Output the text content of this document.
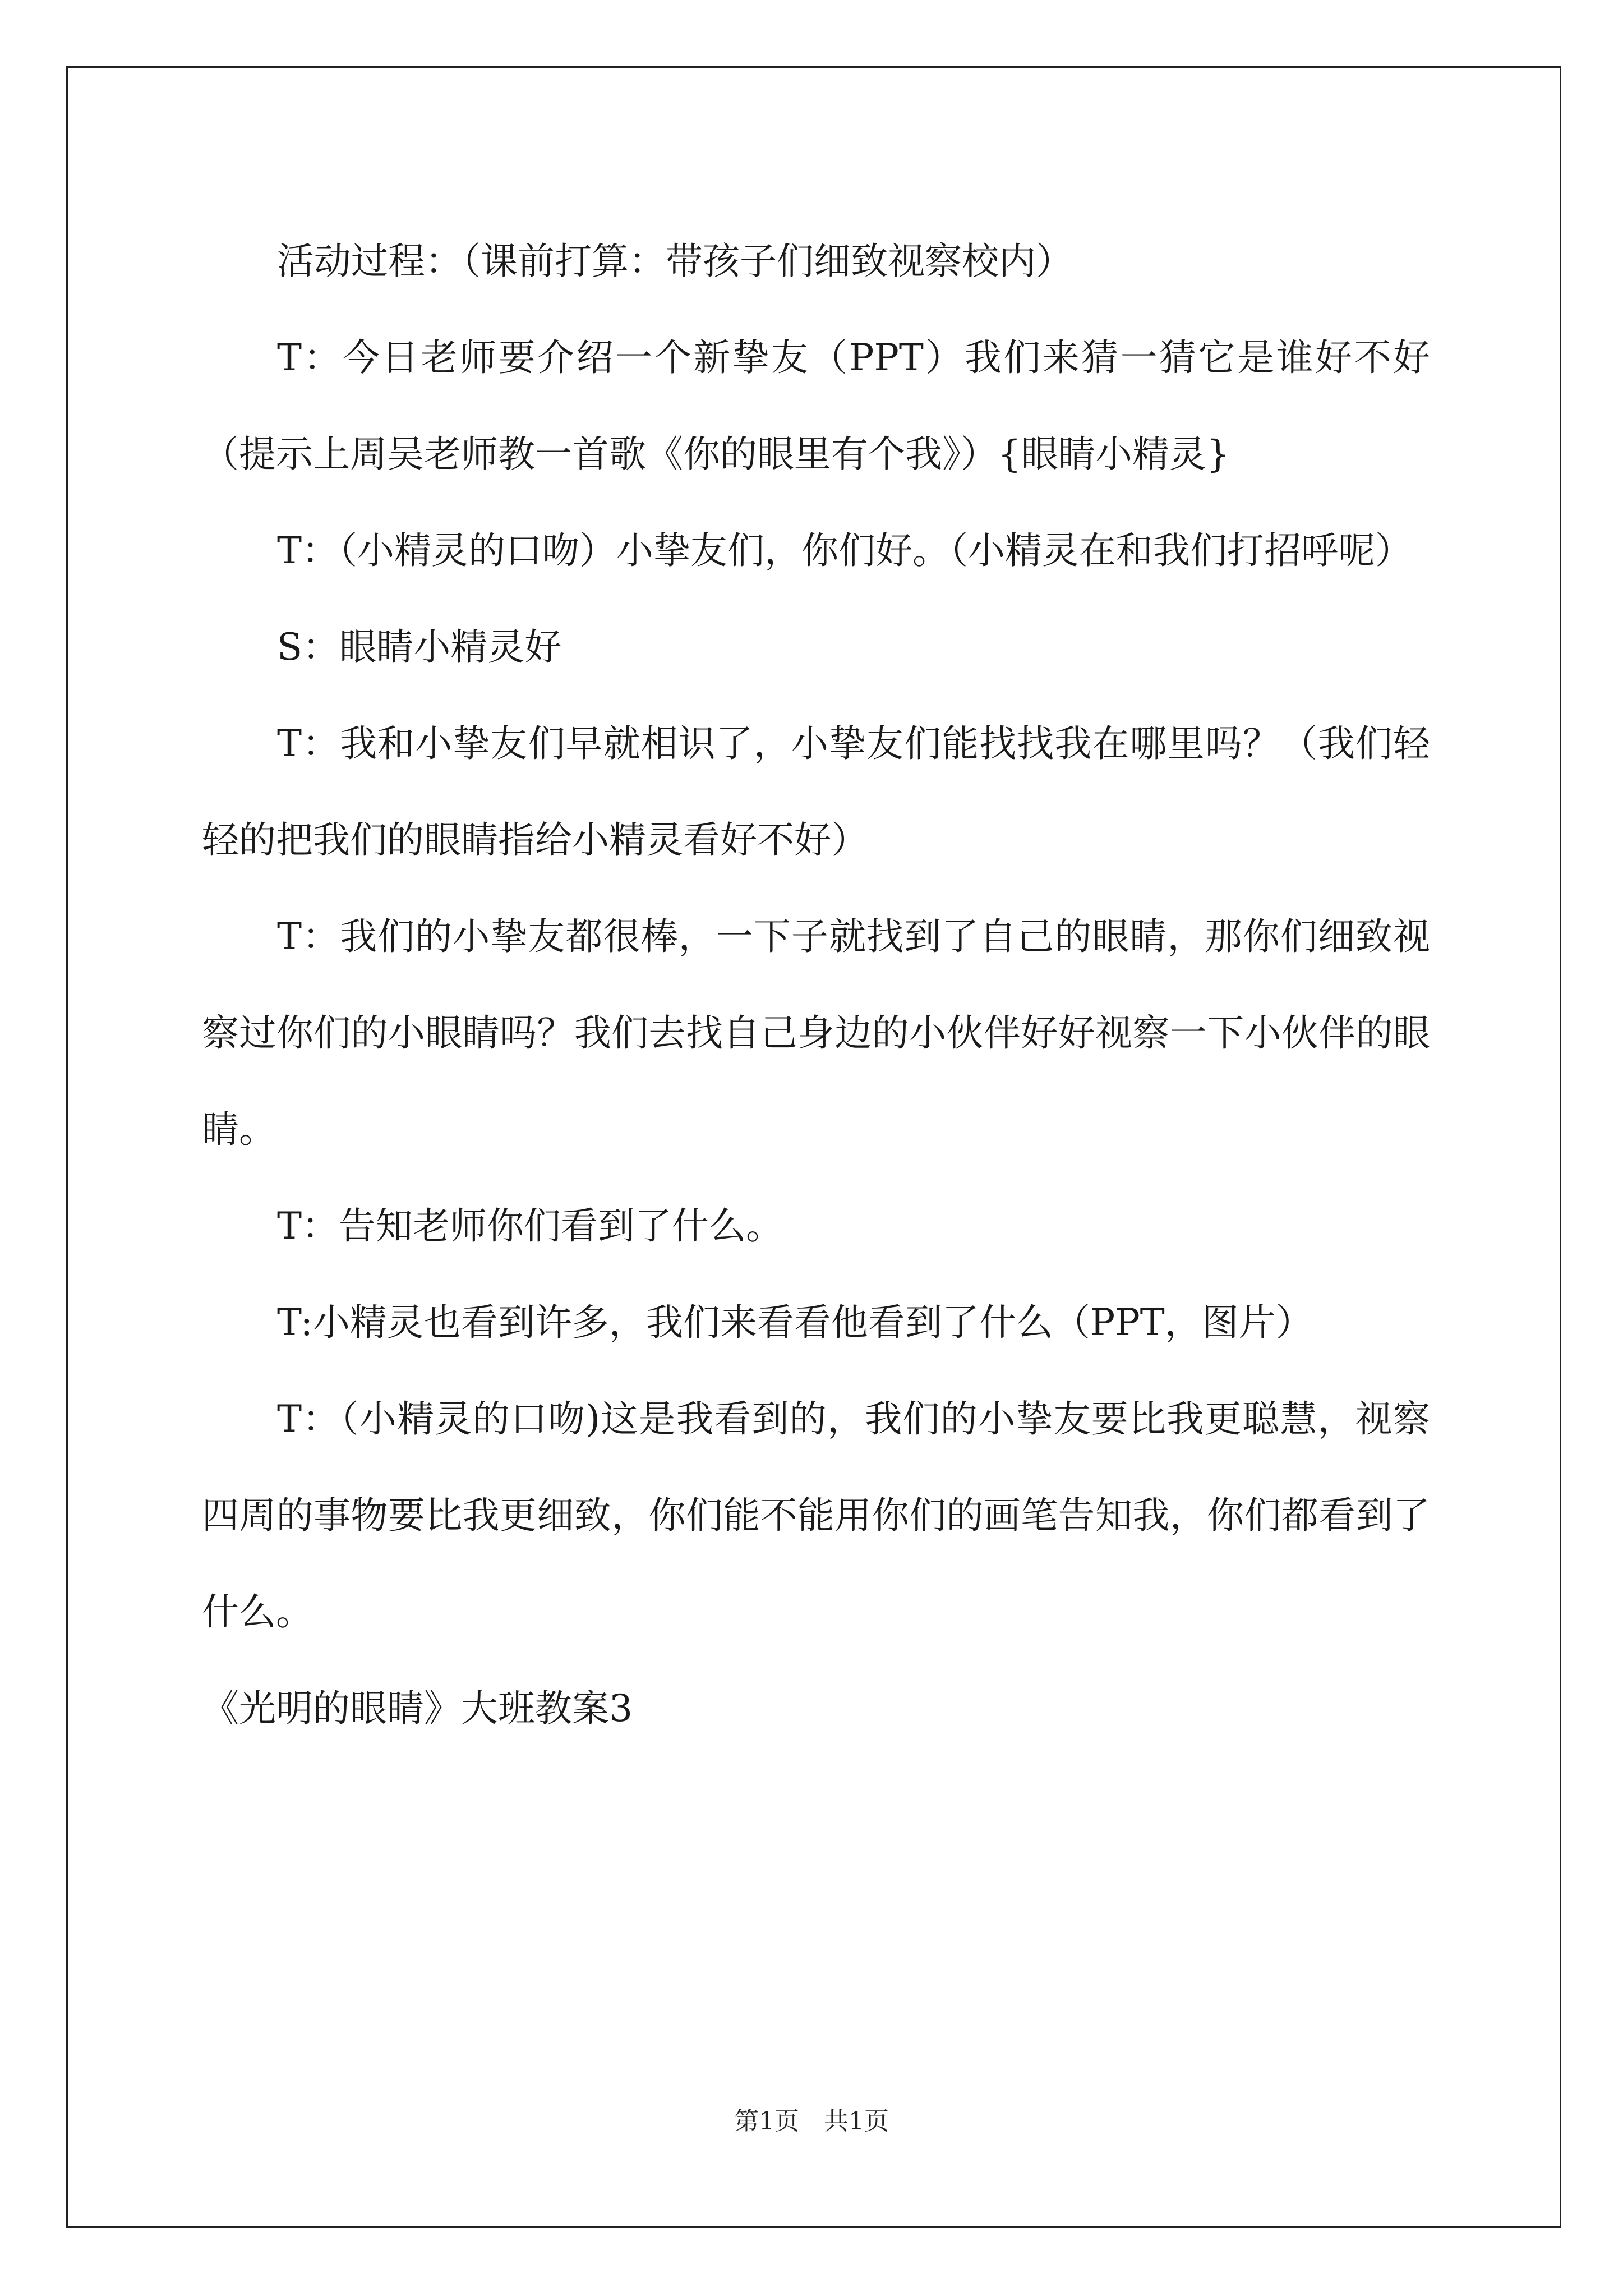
活动过程：（课前打算：带孩子们细致视察校内）

T：今日老师要介绍一个新挚友（PPT）我们来猜一猜它是谁好不好（提示上周吴老师教一首歌《你的眼里有个我》）{眼睛小精灵}

T：（小精灵的口吻）小挚友们，你们好。（小精灵在和我们打招呼呢）

S：眼睛小精灵好

T：我和小挚友们早就相识了，小挚友们能找找我在哪里吗？（我们轻轻的把我们的眼睛指给小精灵看好不好）

T：我们的小挚友都很棒，一下子就找到了自己的眼睛，那你们细致视察过你们的小眼睛吗？我们去找自己身边的小伙伴好好视察一下小伙伴的眼睛。

T：告知老师你们看到了什么。

T:小精灵也看到许多，我们来看看他看到了什么（PPT，图片）

T：（小精灵的口吻)这是我看到的，我们的小挚友要比我更聪慧，视察四周的事物要比我更细致，你们能不能用你们的画笔告知我，你们都看到了什么。

《光明的眼睛》大班教案3

第1页　共1页
